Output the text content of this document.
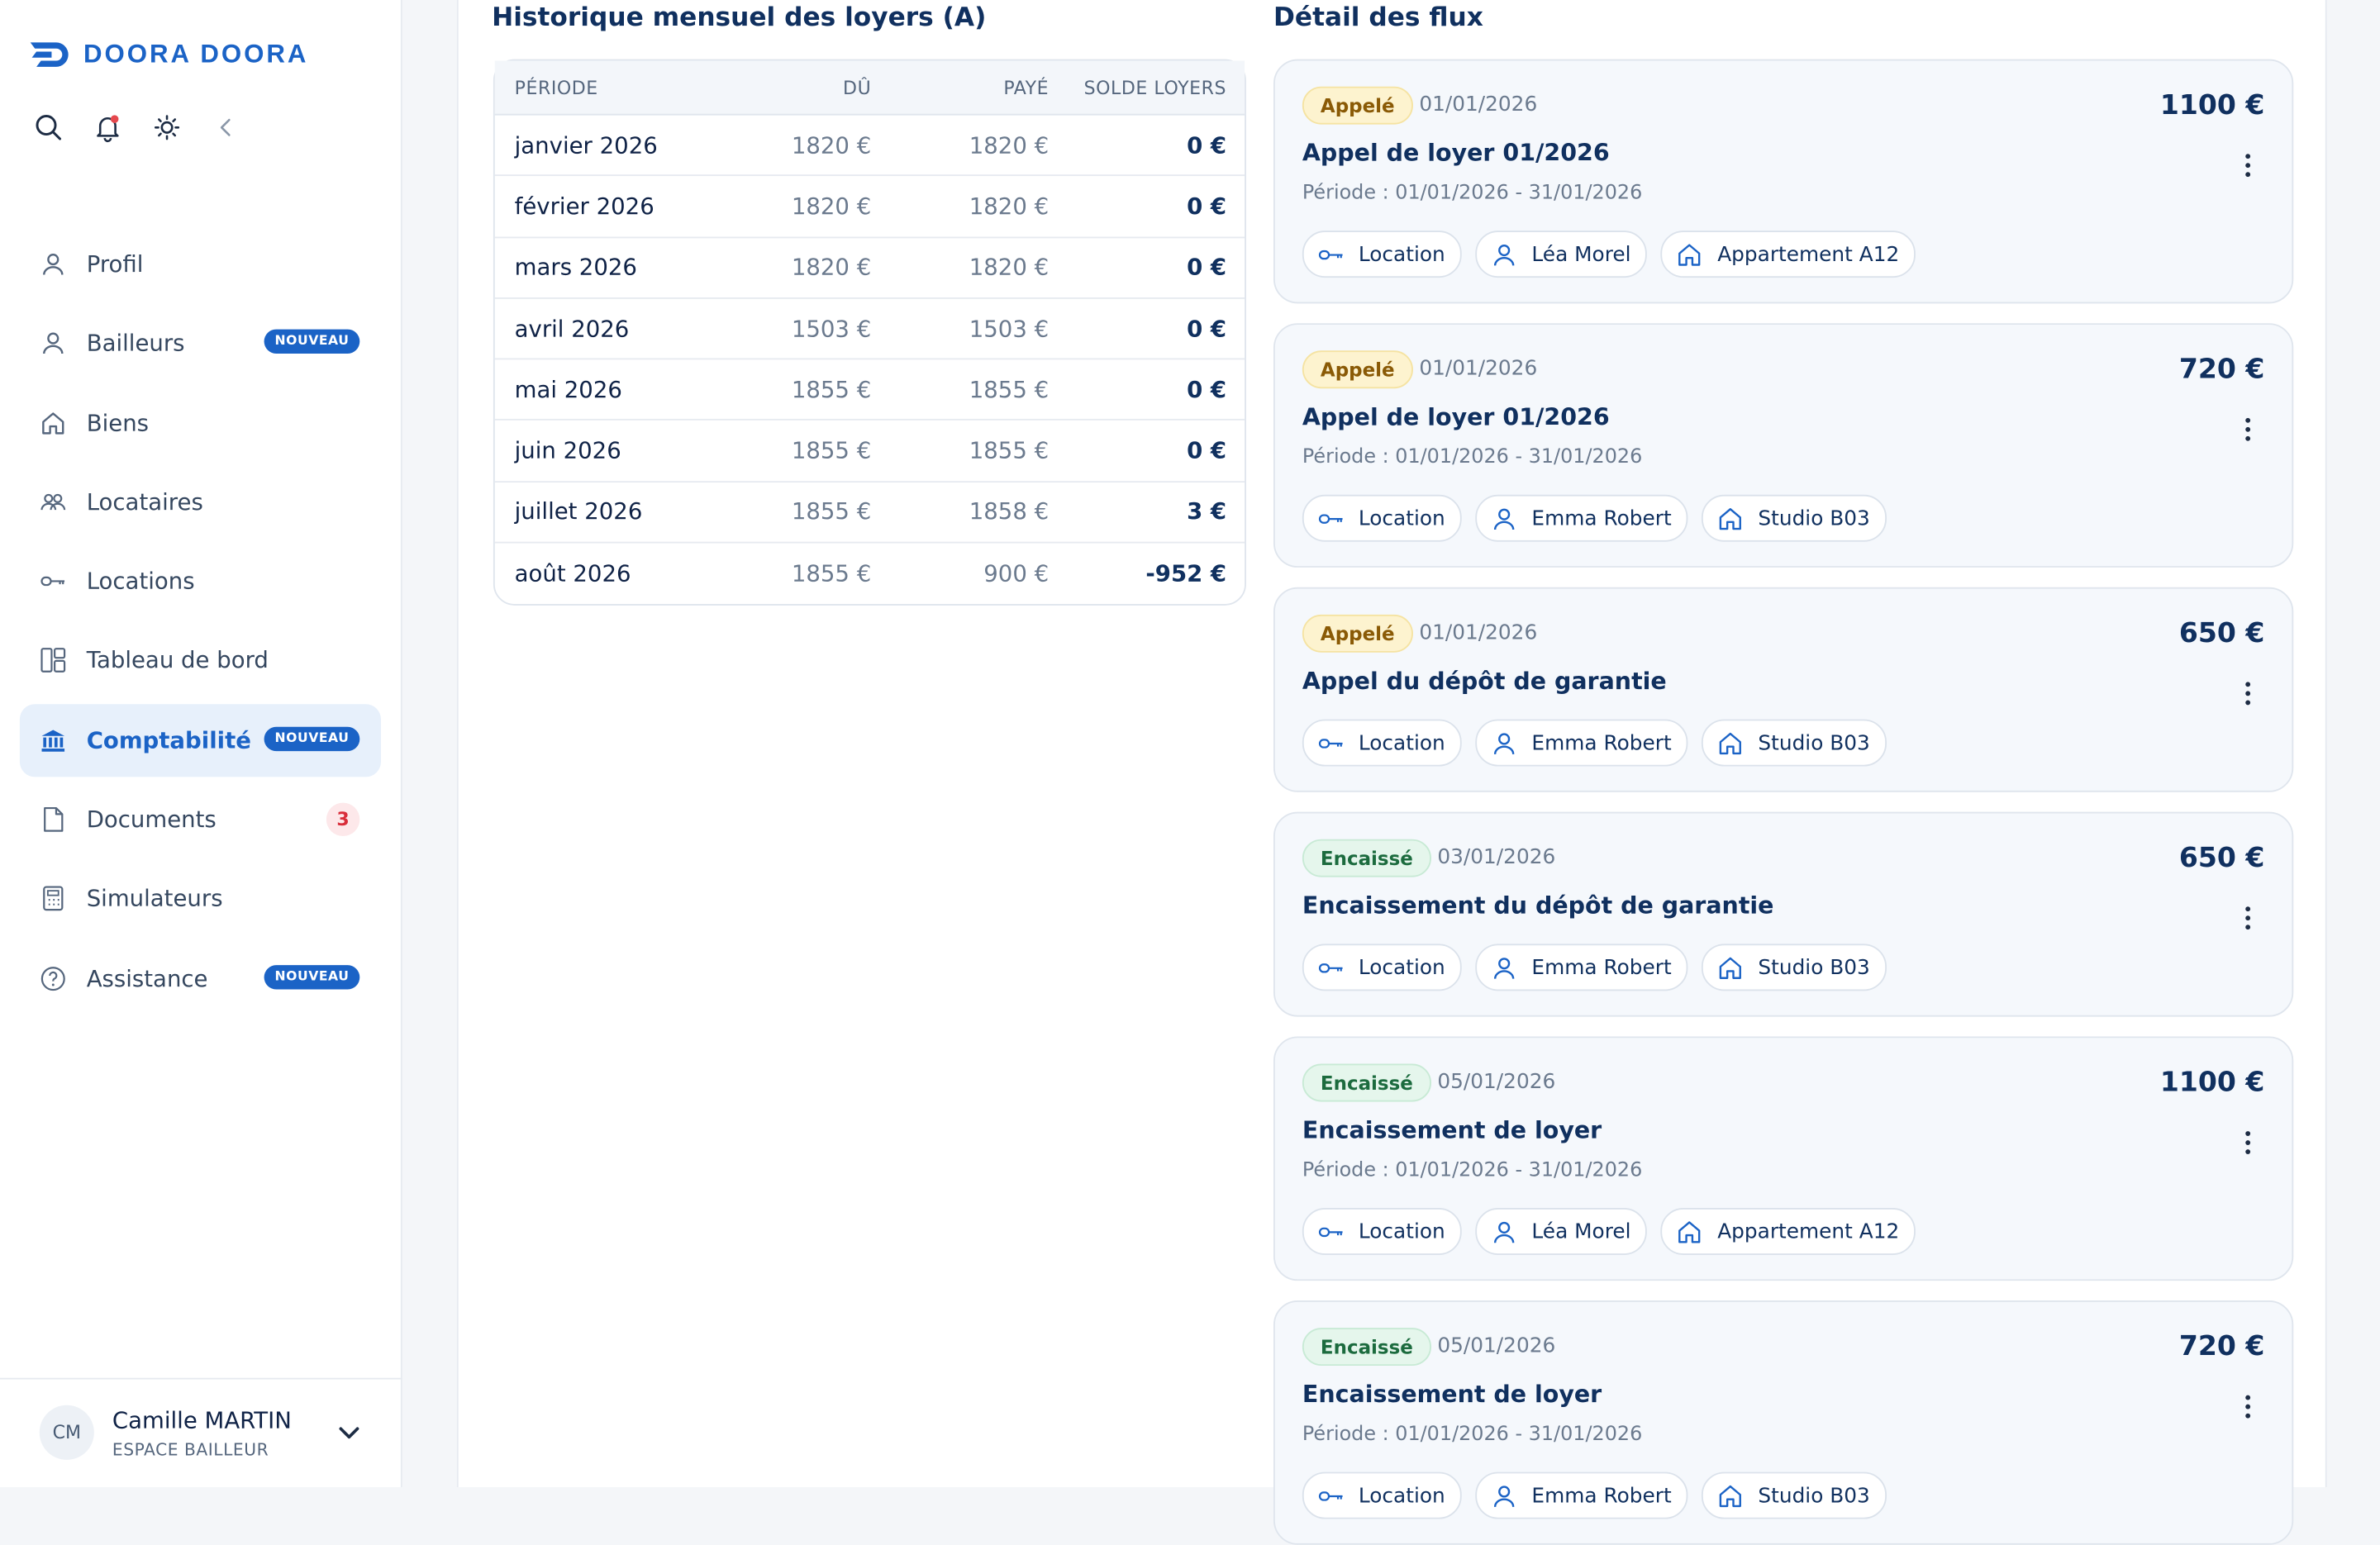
DOORA DOORA
Profil
Bailleurs	NOUVEAU
Biens
Locataires
Locations
Tableau de bord
Comptabilité	NOUVEAU
Documents	3
Simulateurs
Assistance	NOUVEAU
CM	Camille MARTIN
ESPACE BAILLEUR
Historique mensuel des loyers (A)	Détail des flux
PÉRIODE	DÛ	PAYÉ	SOLDE LOYERS
janvier 2026	1820 €	1820 €	0 €
février 2026	1820 €	1820 €	0 €
mars 2026	1820 €	1820 €	0 €
avril 2026	1503 €	1503 €	0 €
mai 2026	1855 €	1855 €	0 €
juin 2026	1855 €	1855 €	0 €
juillet 2026	1855 €	1858 €	3 €
août 2026	1855 €	900 €	-952 €
Appelé	01/01/2026	1100 €
Appel de loyer 01/2026
Période : 01/01/2026 - 31/01/2026
Location	Léa Morel	Appartement A12
Appelé	01/01/2026	720 €
Appel de loyer 01/2026
Période : 01/01/2026 - 31/01/2026
Location	Emma Robert	Studio B03
Appelé	01/01/2026	650 €
Appel du dépôt de garantie
Location	Emma Robert	Studio B03
Encaissé	03/01/2026	650 €
Encaissement du dépôt de garantie
Location	Emma Robert	Studio B03
Encaissé	05/01/2026	1100 €
Encaissement de loyer
Période : 01/01/2026 - 31/01/2026
Location	Léa Morel	Appartement A12
Encaissé	05/01/2026	720 €
Encaissement de loyer
Période : 01/01/2026 - 31/01/2026
Location	Emma Robert	Studio B03
